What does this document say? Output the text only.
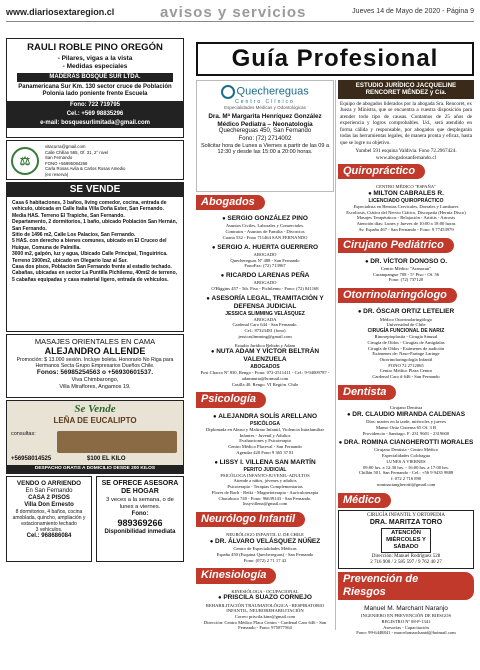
www.diariosextaregion.cl	avisos y servicios	Jueves 14 de Mayo de 2020 - Página 9
RAULI ROBLE PINO OREGÓN
- Pilares, vigas a la vista
- Medidas especiales
MADERAS BOSQUE SUR LTDA.
Panamericana Sur Km. 130 sector cruce de Población Polonia lado poniente frente Escuela
Fono: 722 719795
Cel.: +569 98835296
e-mail: bosquesurlimitada@gmail.com
⚖
vitacurra@gmail.com
Calle Chillan 565, Of. 31, 2° nivel
San Fernando
FONO +56995084268
Carla Rosas Avila & Carlos Rosas Amedio
(en reserva)
SE VENDE
Casa 6 habitaciones, 3 baños, living comedor, cocina, entrada de vehículo, ubicada en Calle Italia Villa Doña Ester, San Fernando.
Media HAS. Terreno El Trapiche, San Fernando.
Departamento, 2 dormitorios, 1 baño, ubicado Población San Hernán, San Fernando.
Sitio de 1496 m2, Calle Los Palacios, San Fernando.
5 HAS. con derecho a bienes comunes, ubicado en El Cruceo del Huique, Comuna de Palmilla.
3000 m2, galpón, luz y agua, Ubicado Calle Principal, Tinguiririca.
Terreno 1900m2, ubicado en Olegario Izaz al Sur.
Casa dos pisos, Población San Fernando frente al estadio techado.
Cabañas, ubicadas en sector La Puntilla Pichilemu, 40mt2 de terreno, 5 cabañas equipadas y casa material ligero, entrada de vehículos.
MASAJES ORIENTALES EN CAMA
ALEJANDRO ALLENDE
Promoción: $ 13.000 sesión. Incluye boleta. Honorario No Riga para Hermanos Secta Grupo Empresarios Dueños Chile.
Fonos: 56985254563 o +56930601537.
Viva Chimbarongo,
Villa Miraflores, Angamos 19.
Se Vende
LEÑA DE EUCALIPTO
consultas:
+56958014525	$100 EL KILO
DESPACHO GRATIS A DOMICILIO DESDE 200 KILOS
VENDO O ARRIENDO
En San Fernando
CASA 2 PISOS
Villa Don Ernesto
8 dormitorios, 4 baños, cocina amoblada, quincho, ampliación y estacionamiento techado
3 vehículos.
Cel.: 968686084
SE OFRECE ASESORA DE HOGAR
3 veces a la semana, o de lunes a viernes.
Fono:
989369266
Disponibilidad inmediata
Guía Profesional
Quechereguas
Centro Clínico
Especialidades Médicas y Odontológicas
Dra. Mª Margarita Henríquez González
Médico Pediatra – Neonatología
Quechereguas 450, San Fernando
Fono: (72) 2714002
Solicitar hora de Lunes a Viernes a partir de las 09 a 12:30 y desde las 15:00 a 20:00 horas.
Abogados
● SERGIO GONZÁLEZ PINO
Asuntos Civiles, Laborales y Comerciales.
Contratos - Asuntos de Familia - Divorcios
Cuarta 532 - Fono 711464 SAN FERNANDO
● SERGIO A. HUERTA GUERRERO
ABOGADO
Quechereguas Nº 488 - San Fernando
FonoFax: (72) 713967
● RICARDO LARENAS PEÑA
ABOGADO
O'Higgins 457 - 5th. Piso - Pichilemu - Fono: (72) 841168
● ASESORÍA LEGAL, TRAMITACIÓN Y DEFENSA JUDICIAL
JESSICA SLIMMING VELÁSQUEZ
ABOGADA
Cardenal Caro 644 - San Fernando.
Cel.: 87323481 (fono)
jessicaslimming@gmail.com
Estudio Jurídico Beltrán y Adam
● NUTA ADAM Y VÍCTOR BELTRÁN VALENZUELA
ABOGADOS
Post Chacra Nº 830, Rengo - Fono: 072-2511411 - Cel.: 9-94009787 - adamnutta@hotmail.com
Casilla 40. Rengo. VI Región. Chile
Psicología
● ALEJANDRA SOLÍS ARELLANO
PSICÓLOGA
Diplomada en Abuso y Maltrato Infantil, Violencia Intrafamiliar
Infantes - Juvenil y Adultos
Evaluaciones y Psicoterapia
Centro Médico Placeval - San Fernando
Agendar 420 Fono 9 365 37 81
● LISSY I. VILLENA SAN MARTÍN
PERITO JUDICIAL
PSICÓLOGA INFANTO-JUVENIL-ADULTOS
Atiende a niños, jóvenes y adultos
Psicoterapia - Terapias Complementarias
Flores de Bach - Reiki - Magnetoterapia - Auriculoterapia
Chacabuco 740 - Fono: 96639143 - San Fernando.
lissyvillena@gmail.com
Neurólogo Infantil
NEURÓLOGO INFANTIL U. DE CHILE
● DR. ÁLVARO VELÁSQUEZ NÚÑEZ
Centro de Especialidades Médicas
España 450 (Esquina Quechereguas) - San Fernando
Fono: (072) 2 71 17 42
Kinesiología
KINESIÓLOGA - OCUPACIONAL
● PRISCILA SUAZO CORNEJO
REHABILITACIÓN TRAUMATOLÓGICA - RESPIRATORIO INFANTIL, NEUROREHABILITACIÓN
Correo priscila.kine@gmail.com
Dirección: Centro Médico Placa Centro - Cardenal Caro 646 - San Fernando - Fono: 975877564
ESTUDIO JURÍDICO JACQUELINE RENCORET MÉNDEZ y Cía.
Equipo de abogados liderados por la abogada Sra. Rencoret, ex Jueza y Ministra, que se encuentra a vuestra disposición para atender todo tipo de causas. Contamos de 25 años de experiencia y logros comprobables. Ud., será atendido en forma cálida y responsable, por abogados que desplegarán todas las herramientas legales, de manera pronta y eficaz, hasta que se logre su objetivo.
Yumbel 591 esquina Valdivia. Fono 72.2967424.
www.abogadosanfernando.cl
Quiropráctico
CENTRO MÉDICO "ESPAÑA"
● MILTON CABRALES R.
LICENCIADO QUIROPRÁCTICO
Especialista en Hernias Cervicales, Dorsales y Lumbares
Escoliosis, Ciática del Nervio Ciático, Discopatía (Hernia Disco)
Masajes Terapéuticos - Relajación - Artritis - Artrosis
Atención días: Lunes y Jueves de 10:00 a 18:00 horas
Av. España 467 - San Fernando - Fono: 9 77453979
Cirujano Pediátrico
● DR. VÍCTOR DONOSO O.
Centro Médico "Aranacan"
Carampangue 708 - 5° Piso - Of. 56
Fono: (72) 737120
Otorrinolaringólogo
● DR. ÓSCAR ORTIZ LETELIER
Médico Otorrinolaringólogo
Universidad de Chile
CIRUGÍA FUNCIONAL DE NARIZ
Rinoseptoplastía - Cirugía Sinusal
Cirugía de Oídos - Cirugías de Amígdalas
Cirugía de Oídos - Exámenes de audición
Exámenes de: Naso-Faringe Laringe
Otorrinolaringología Infantil
FONO 72 2712065
Centro Médico Plaza Centro
Cardenal Caro # 646 - San Fernando
Dentista
Cirujano Dentista
● DR. CLAUDIO MIRANDA CALDENAS
Días: martes en la tarde, miércoles y jueves
Manso Ortiz Cisterna 65 Of. 3 B
Providencia - Santiago. F: 231 9601 - 2319600
● DRA. ROMINA CIANGHEROTTI MORALES
Cirujano Dentista - Centro Médico
Especialidades Colchagua
LUNES A VIERNES
09:00 hrs. a 12:30 hrs. - 16:00 hrs. a 17:00 hrs.
Chillán 501, San Fernando - Cel.: +56 9 9435 9888
f: 072 2 716 890
rominaciangherotti@gmail.com
Médico
CIRUGÍA INFANTIL Y ORTOPEDIA
DRA. MARITZA TORO
ATENCIÓN MIÉRCOLES Y SÁBADO
Dirección: Manuel Rodríguez 528
2 716 900 / 2 585 597 / 9 762 40 27
Prevención de Riesgos
Manuel M. Marchant Naranjo
INGENIERO EN PREVENCIÓN DE RIESGOS
REGISTRO Nº 08-P-1341
Asesorías - Capacitación
Fono: 99-6448841 - marcelomarchantd@hotmail.com
